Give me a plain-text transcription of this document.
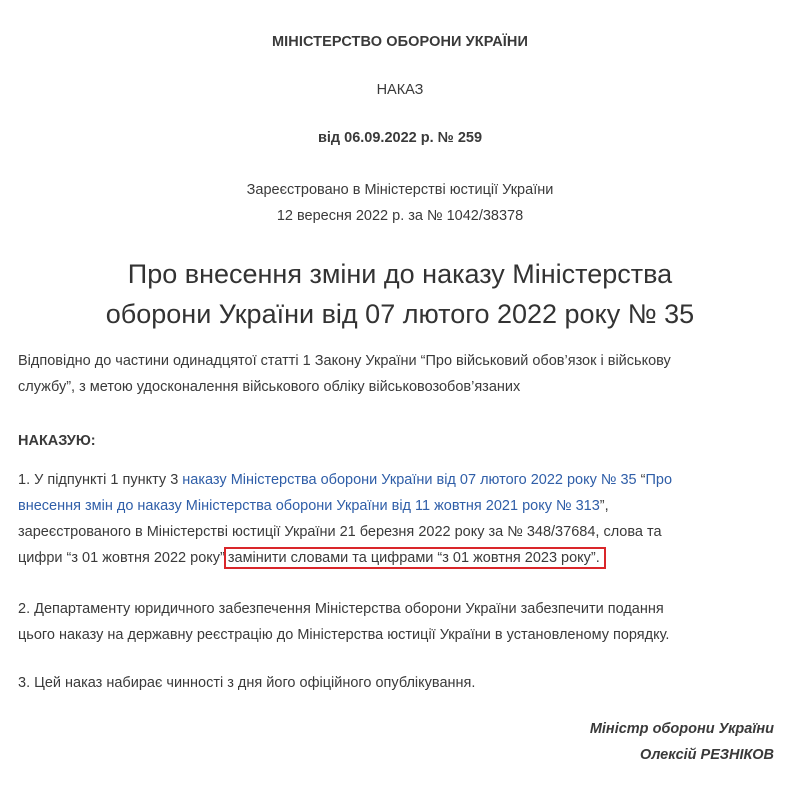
МІНІСТЕРСТВО ОБОРОНИ УКРАЇНИ
НАКАЗ
від 06.09.2022 р. № 259
Зареєстровано в Міністерстві юстиції України
12 вересня 2022 р. за № 1042/38378
Про внесення зміни до наказу Міністерства
оборони України від 07 лютого 2022 року № 35
Відповідно до частини одинадцятої статті 1 Закону України “Про військовий обов’язок і військову
службу”, з метою удосконалення військового обліку військовозобов’язаних
НАКАЗУЮ:
1. У підпункті 1 пункту 3 наказу Міністерства оборони України від 07 лютого 2022 року № 35 “Про
внесення змін до наказу Міністерства оборони України від 11 жовтня 2021 року № 313”,
зареєстрованого в Міністерстві юстиції України 21 березня 2022 року за № 348/37684, слова та
цифри “з 01 жовтня 2022 року” замінити словами та цифрами “з 01 жовтня 2023 року”.
2. Департаменту юридичного забезпечення Міністерства оборони України забезпечити подання
цього наказу на державну реєстрацію до Міністерства юстиції України в установленому порядку.
3. Цей наказ набирає чинності з дня його офіційного опублікування.
Міністр оборони України
Олексій РЕЗНІКОВ
